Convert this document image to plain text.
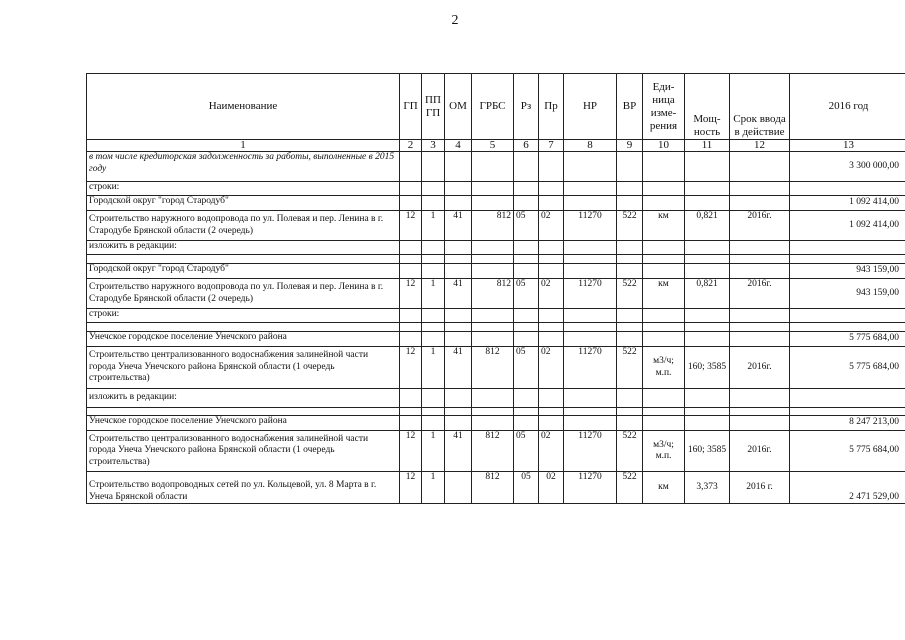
2
Наименование	ГП	ПП ГП	ОМ	ГРБС	Рз	Пр	НР	ВР	Еди-ница изме-рения	Мощ-ность	Срок ввода в действие	2016 год
1	2	3	4	5	6	7	8	9	10	11	12	13
в том числе кредиторская задолженность за работы, выполненные в 2015 году												3 300 000,00
строки:												
Городской округ "город Стародуб"												1 092 414,00
Строительство наружного водопровода по ул. Полевая и пер. Ленина в г. Стародубе Брянской области (2 очередь)	12	1	41	812	05	02	11270	522	км	0,821	2016г.	1 092 414,00
изложить в редакции:												

Городской округ "город Стародуб"												943 159,00
Строительство наружного водопровода по ул. Полевая и пер. Ленина в г. Стародубе Брянской области (2 очередь)	12	1	41	812	05	02	11270	522	км	0,821	2016г.	943 159,00
строки:												

Унечское городское поселение Унечского района												5 775 684,00
Строительство централизованного водоснабжения залинейной части города Унеча Унечского района Брянской области (1 очередь строительства)	12	1	41	812	05	02	11270	522	м3/ч; м.п.	160; 3585	2016г.	5 775 684,00
изложить в редакции:												

Унечское городское поселение Унечского района												8 247 213,00
Строительство централизованного водоснабжения залинейной части города Унеча Унечского района Брянской области (1 очередь строительства)	12	1	41	812	05	02	11270	522	м3/ч; м.п.	160; 3585	2016г.	5 775 684,00
Строительство водопроводных сетей по ул. Кольцевой, ул. 8 Марта в г. Унеча Брянской области	12	1		812	05	02	11270	522	км	3,373	2016 г.	2 471 529,00
